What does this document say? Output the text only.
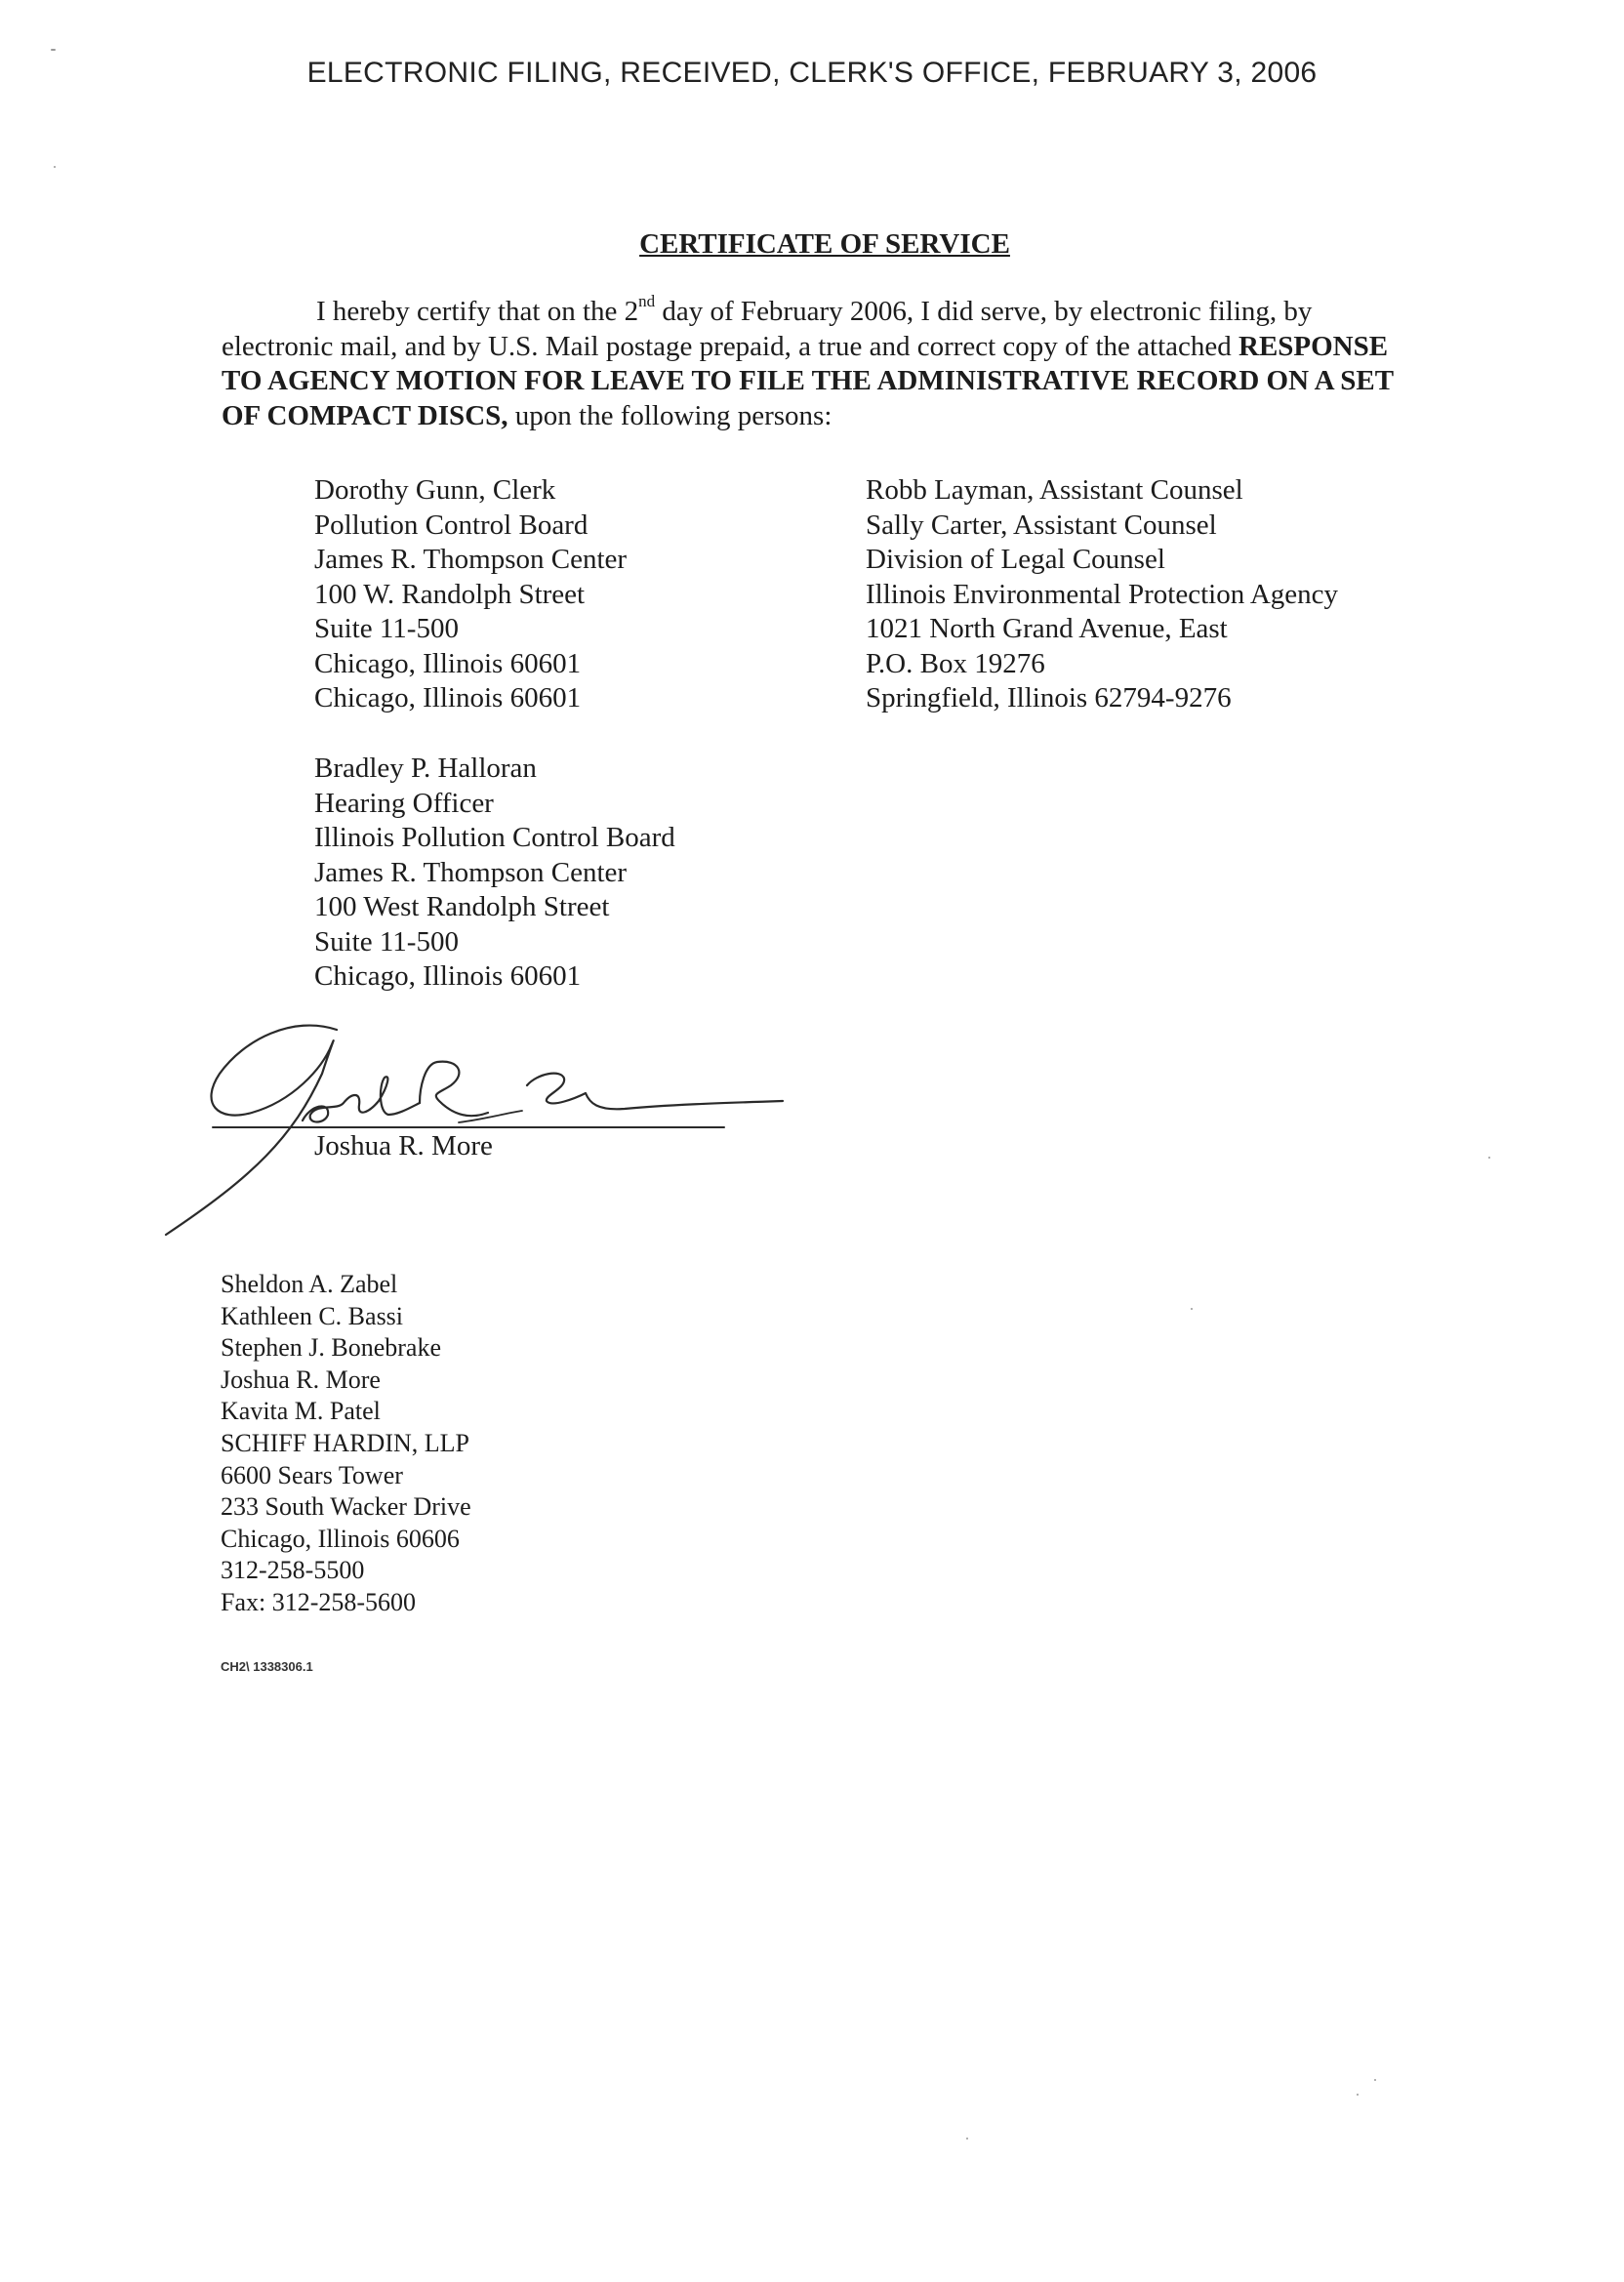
ELECTRONIC FILING, RECEIVED, CLERK'S OFFICE, FEBRUARY 3, 2006
CERTIFICATE OF SERVICE

I hereby certify that on the 2nd day of February 2006, I did serve, by electronic filing, by electronic mail, and by U.S. Mail postage prepaid, a true and correct copy of the attached RESPONSE TO AGENCY MOTION FOR LEAVE TO FILE THE ADMINISTRATIVE RECORD ON A SET OF COMPACT DISCS, upon the following persons:

Dorothy Gunn, Clerk
Pollution Control Board
James R. Thompson Center
100 W. Randolph Street
Suite 11-500
Chicago, Illinois 60601
Chicago, Illinois 60601
Robb Layman, Assistant Counsel
Sally Carter, Assistant Counsel
Division of Legal Counsel
Illinois Environmental Protection Agency
1021 North Grand Avenue, East
P.O. Box 19276
Springfield, Illinois 62794-9276
Bradley P. Halloran
Hearing Officer
Illinois Pollution Control Board
James R. Thompson Center
100 West Randolph Street
Suite 11-500
Chicago, Illinois 60601
Joshua R. More
Sheldon A. Zabel
Kathleen C. Bassi
Stephen J. Bonebrake
Joshua R. More
Kavita M. Patel
SCHIFF HARDIN, LLP
6600 Sears Tower
233 South Wacker Drive
Chicago, Illinois 60606
312-258-5500
Fax: 312-258-5600
CH2\ 1338306.1
